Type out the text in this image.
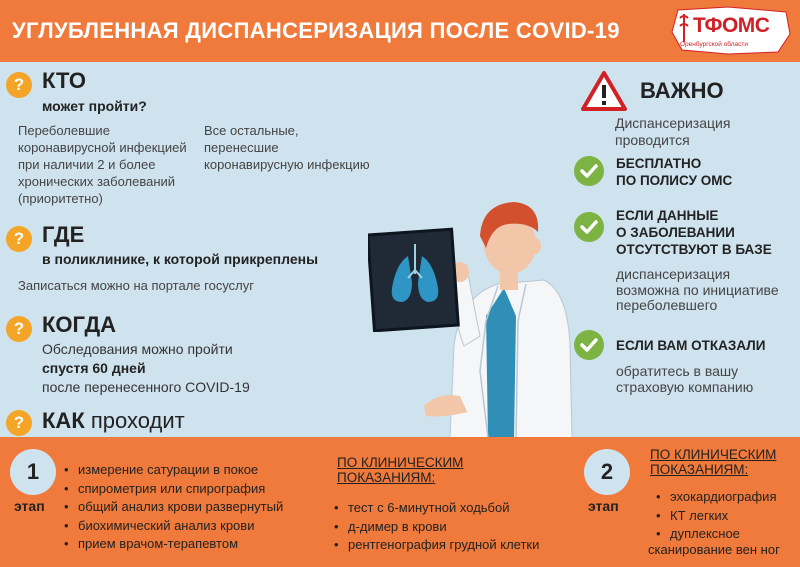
УГЛУБЛЕННАЯ ДИСПАНСЕРИЗАЦИЯ ПОСЛЕ COVID-19	ТФОМС
Оренбургской области
? КТО
может пройти?
Переболевшие
коронавирусной инфекцией
при наличии 2 и более
хронических заболеваний
(приоритетно)
Все остальные,
перенесшие
коронавирусную инфекцию
? ГДЕ
в поликлинике, к которой прикреплены
Записаться можно на портале госуслуг
? КОГДА
Обследования можно пройти
спустя 60 дней
после перенесенного COVID-19
? КАК проходит
ВАЖНО
Диспансеризация
проводится
БЕСПЛАТНО
ПО ПОЛИСУ ОМС
ЕСЛИ ДАННЫЕ
О ЗАБОЛЕВАНИИ
ОТСУТСТВУЮТ В БАЗЕ
диспансеризация
возможна по инициативе
переболевшего
ЕСЛИ ВАМ ОТКАЗАЛИ
обратитесь в вашу
страховую компанию
1
этап
• измерение сатурации в покое
• спирометрия или спирография
• общий анализ крови развернутый
• биохимический анализ крови
• прием врачом-терапевтом
ПО КЛИНИЧЕСКИМ
ПОКАЗАНИЯМ:
• тест с 6-минутной ходьбой
• д-димер в крови
• рентгенография грудной клетки
2
этап
ПО КЛИНИЧЕСКИМ
ПОКАЗАНИЯМ:
• эхокардиография
• КТ легких
• дуплексное
сканирование вен ног
